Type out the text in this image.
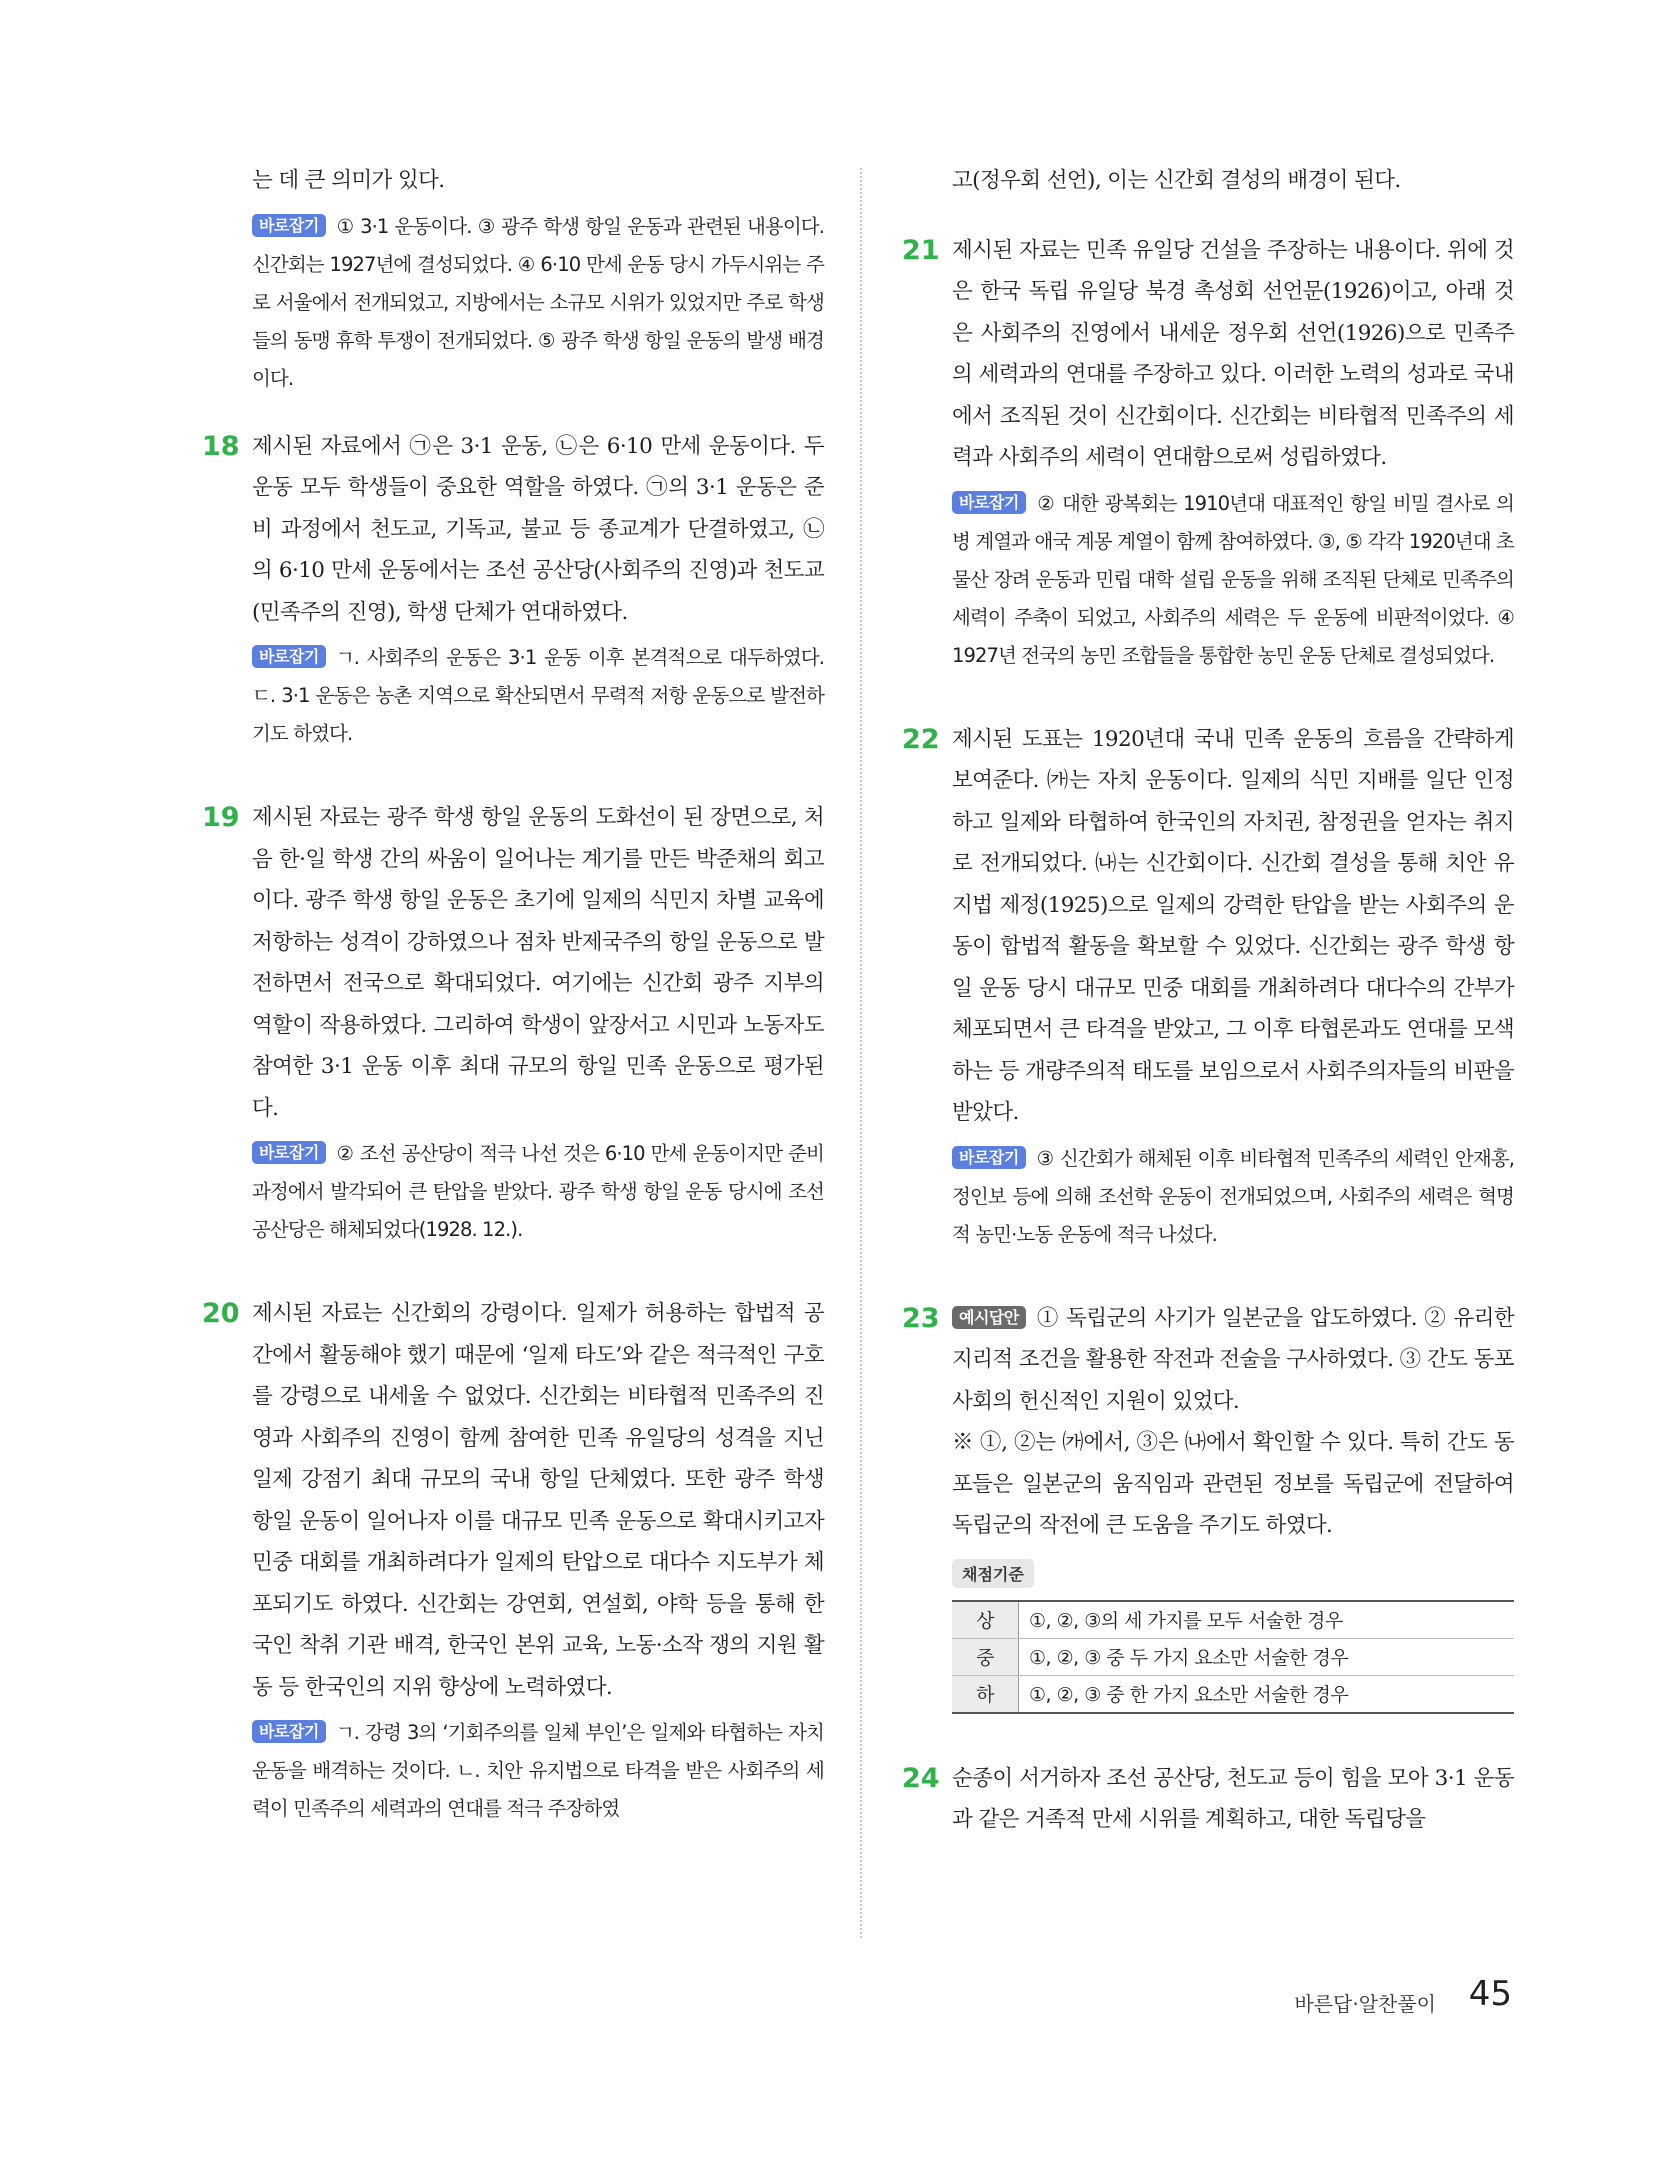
는 데 큰 의미가 있다.

바로잡기 ① 3·1 운동이다. ③ 광주 학생 항일 운동과 관련된 내용이다. 신간회는 1927년에 결성되었다. ④ 6·10 만세 운동 당시 가두시위는 주로 서울에서 전개되었고, 지방에서는 소규모 시위가 있었지만 주로 학생들의 동맹 휴학 투쟁이 전개되었다. ⑤ 광주 학생 항일 운동의 발생 배경이다.
18 제시된 자료에서 ㉠은 3·1 운동, ㉡은 6·10 만세 운동이다. 두 운동 모두 학생들이 중요한 역할을 하였다. ㉠의 3·1 운동은 준비 과정에서 천도교, 기독교, 불교 등 종교계가 단결하였고, ㉡의 6·10 만세 운동에서는 조선 공산당(사회주의 진영)과 천도교(민족주의 진영), 학생 단체가 연대하였다.

바로잡기 ㄱ. 사회주의 운동은 3·1 운동 이후 본격적으로 대두하였다. ㄷ. 3·1 운동은 농촌 지역으로 확산되면서 무력적 저항 운동으로 발전하기도 하였다.
19 제시된 자료는 광주 학생 항일 운동의 도화선이 된 장면으로, 처음 한·일 학생 간의 싸움이 일어나는 계기를 만든 박준채의 회고이다. 광주 학생 항일 운동은 초기에 일제의 식민지 차별 교육에 저항하는 성격이 강하였으나 점차 반제국주의 항일 운동으로 발전하면서 전국으로 확대되었다. 여기에는 신간회 광주 지부의 역할이 작용하였다. 그리하여 학생이 앞장서고 시민과 노동자도 참여한 3·1 운동 이후 최대 규모의 항일 민족 운동으로 평가된다.

바로잡기 ② 조선 공산당이 적극 나선 것은 6·10 만세 운동이지만 준비 과정에서 발각되어 큰 탄압을 받았다. 광주 학생 항일 운동 당시에 조선 공산당은 해체되었다(1928. 12.).
20 제시된 자료는 신간회의 강령이다. 일제가 허용하는 합법적 공간에서 활동해야 했기 때문에 ‘일제 타도’와 같은 적극적인 구호를 강령으로 내세울 수 없었다. 신간회는 비타협적 민족주의 진영과 사회주의 진영이 함께 참여한 민족 유일당의 성격을 지닌 일제 강점기 최대 규모의 국내 항일 단체였다. 또한 광주 학생 항일 운동이 일어나자 이를 대규모 민족 운동으로 확대시키고자 민중 대회를 개최하려다가 일제의 탄압으로 대다수 지도부가 체포되기도 하였다. 신간회는 강연회, 연설회, 야학 등을 통해 한국인 착취 기관 배격, 한국인 본위 교육, 노동·소작 쟁의 지원 활동 등 한국인의 지위 향상에 노력하였다.

바로잡기 ㄱ. 강령 3의 ‘기회주의를 일체 부인’은 일제와 타협하는 자치 운동을 배격하는 것이다. ㄴ. 치안 유지법으로 타격을 받은 사회주의 세력이 민족주의 세력과의 연대를 적극 주장하였

고(정우회 선언), 이는 신간회 결성의 배경이 된다.

21 제시된 자료는 민족 유일당 건설을 주장하는 내용이다. 위에 것은 한국 독립 유일당 북경 촉성회 선언문(1926)이고, 아래 것은 사회주의 진영에서 내세운 정우회 선언(1926)으로 민족주의 세력과의 연대를 주장하고 있다. 이러한 노력의 성과로 국내에서 조직된 것이 신간회이다. 신간회는 비타협적 민족주의 세력과 사회주의 세력이 연대함으로써 성립하였다.

바로잡기 ② 대한 광복회는 1910년대 대표적인 항일 비밀 결사로 의병 계열과 애국 계몽 계열이 함께 참여하였다. ③, ⑤ 각각 1920년대 초 물산 장려 운동과 민립 대학 설립 운동을 위해 조직된 단체로 민족주의 세력이 주축이 되었고, 사회주의 세력은 두 운동에 비판적이었다. ④ 1927년 전국의 농민 조합들을 통합한 농민 운동 단체로 결성되었다.
22 제시된 도표는 1920년대 국내 민족 운동의 흐름을 간략하게 보여준다. ㈎는 자치 운동이다. 일제의 식민 지배를 일단 인정하고 일제와 타협하여 한국인의 자치권, 참정권을 얻자는 취지로 전개되었다. ㈏는 신간회이다. 신간회 결성을 통해 치안 유지법 제정(1925)으로 일제의 강력한 탄압을 받는 사회주의 운동이 합법적 활동을 확보할 수 있었다. 신간회는 광주 학생 항일 운동 당시 대규모 민중 대회를 개최하려다 대다수의 간부가 체포되면서 큰 타격을 받았고, 그 이후 타협론과도 연대를 모색하는 등 개량주의적 태도를 보임으로서 사회주의자들의 비판을 받았다.

바로잡기 ③ 신간회가 해체된 이후 비타협적 민족주의 세력인 안재홍, 정인보 등에 의해 조선학 운동이 전개되었으며, 사회주의 세력은 혁명적 농민·노동 운동에 적극 나섰다.
23	예시답안 ① 독립군의 사기가 일본군을 압도하였다. ② 유리한 지리적 조건을 활용한 작전과 전술을 구사하였다. ③ 간도 동포 사회의 헌신적인 지원이 있었다.

※ ①, ②는 ㈎에서, ③은 ㈏에서 확인할 수 있다. 특히 간도 동포들은 일본군의 움직임과 관련된 정보를 독립군에 전달하여 독립군의 작전에 큰 도움을 주기도 하였다.

채점기준
상	①, ②, ③의 세 가지를 모두 서술한 경우
중	①, ②, ③ 중 두 가지 요소만 서술한 경우
하	①, ②, ③ 중 한 가지 요소만 서술한 경우
24 순종이 서거하자 조선 공산당, 천도교 등이 힘을 모아 3·1 운동과 같은 거족적 만세 시위를 계획하고, 대한 독립당을

바른답·알찬풀이 45
